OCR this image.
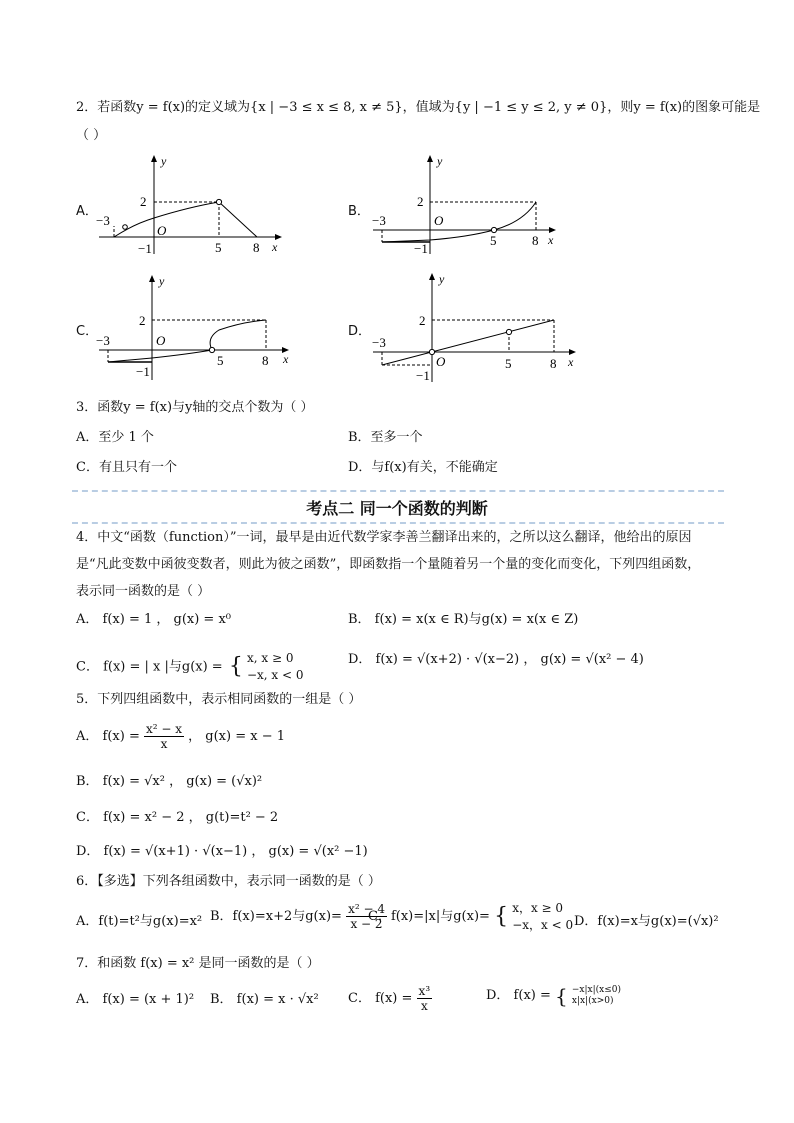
2．若函数y = f(x)的定义域为{x | −3 ≤ x ≤ 8, x ≠ 5}，值域为{y | −1 ≤ y ≤ 2, y ≠ 0}，则y = f(x)的图象可能是
（ ）
A．
−3
5 8
2
−1
O
x
y
B．
−3
5	8
2
−1
O
x
y
C．
−3
5	8
2
−1
O
x
y
D．
−3
5	8
2
−1
O	x
y
3．函数y = f(x)与y轴的交点个数为（ ）
A．至少 1 个	B．至多一个
C．有且只有一个	D．与f(x)有关，不能确定
考点二 同一个函数的判断
4．中文“函数（function）”一词，最早是由近代数学家李善兰翻译出来的，之所以这么翻译，他给出的原因
是“凡此变数中函彼变数者，则此为彼之函数”，即函数指一个量随着另一个量的变化而变化，下列四组函数，
表示同一函数的是（ ）
A． f(x) = 1 ， g(x) = x⁰	B． f(x) = x(x ∈ R)与g(x) = x(x ∈ Z)
C． f(x) = | x |与g(x) = { x, x ≥ 0
−x, x < 0
D． f(x) = √(x+2) · √(x−2) ， g(x) = √(x² − 4)
5．下列四组函数中，表示相同函数的一组是（ ）
A． $f(x) = \frac{\text{x² − x}}{x}$ ， g(x) = x − 1
B． f(x) = √x² ， g(x) = (√x)²
C． f(x) = x² − 2 ， g(t)=t² − 2
D． f(x) = √(x+1) · √(x−1) ， g(x) = √(x² −1)
6．【多选】下列各组函数中，表示同一函数的是（ ）
A．f(t)=t²与g(x)=x² B．f(x)=x+2与$g(x)= \frac{\text{x² − 4}}{x - 2}$
C．f(x)=|x|与g(x)= { x，x ≥ 0
−x，x < 0 D．f(x)=x与g(x)=(√x)²
7．和函数 f(x) = x² 是同一函数的是（ ）
A． f(x) = (x + 1)² B． f(x) = x · √x² C． $f(x) = \frac{\text{x³}}{x}$	D． f(x) = { −x|x|(x≤0)
x|x|(x>0)
